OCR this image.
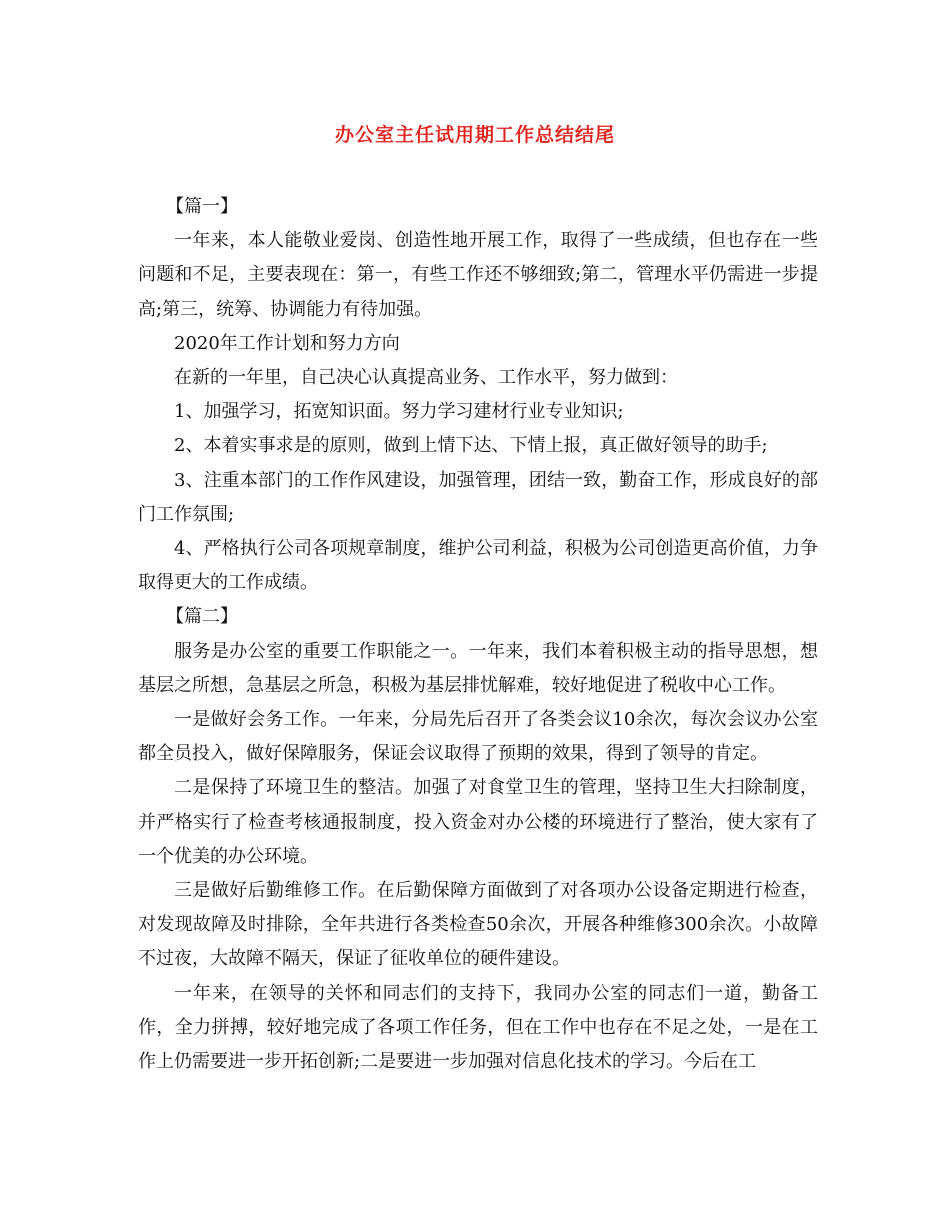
办公室主任试用期工作总结结尾

【篇一】

一年来，本人能敬业爱岗、创造性地开展工作，取得了一些成绩，但也存在一些问题和不足，主要表现在：第一，有些工作还不够细致;第二，管理水平仍需进一步提高;第三，统筹、协调能力有待加强。

2020年工作计划和努力方向

在新的一年里，自己决心认真提高业务、工作水平，努力做到：

1、加强学习，拓宽知识面。努力学习建材行业专业知识;

2、本着实事求是的原则，做到上情下达、下情上报，真正做好领导的助手;

3、注重本部门的工作作风建设，加强管理，团结一致，勤奋工作，形成良好的部门工作氛围;

4、严格执行公司各项规章制度，维护公司利益，积极为公司创造更高价值，力争取得更大的工作成绩。

【篇二】

服务是办公室的重要工作职能之一。一年来，我们本着积极主动的指导思想，想基层之所想，急基层之所急，积极为基层排忧解难，较好地促进了税收中心工作。

一是做好会务工作。一年来，分局先后召开了各类会议10余次，每次会议办公室都全员投入，做好保障服务，保证会议取得了预期的效果，得到了领导的肯定。

二是保持了环境卫生的整洁。加强了对食堂卫生的管理，坚持卫生大扫除制度，并严格实行了检查考核通报制度，投入资金对办公楼的环境进行了整治，使大家有了一个优美的办公环境。

三是做好后勤维修工作。在后勤保障方面做到了对各项办公设备定期进行检查，对发现故障及时排除，全年共进行各类检查50余次，开展各种维修300余次。小故障不过夜，大故障不隔天，保证了征收单位的硬件建设。

一年来，在领导的关怀和同志们的支持下，我同办公室的同志们一道，勤备工作，全力拼搏，较好地完成了各项工作任务，但在工作中也存在不足之处，一是在工作上仍需要进一步开拓创新;二是要进一步加强对信息化技术的学习。今后在工
